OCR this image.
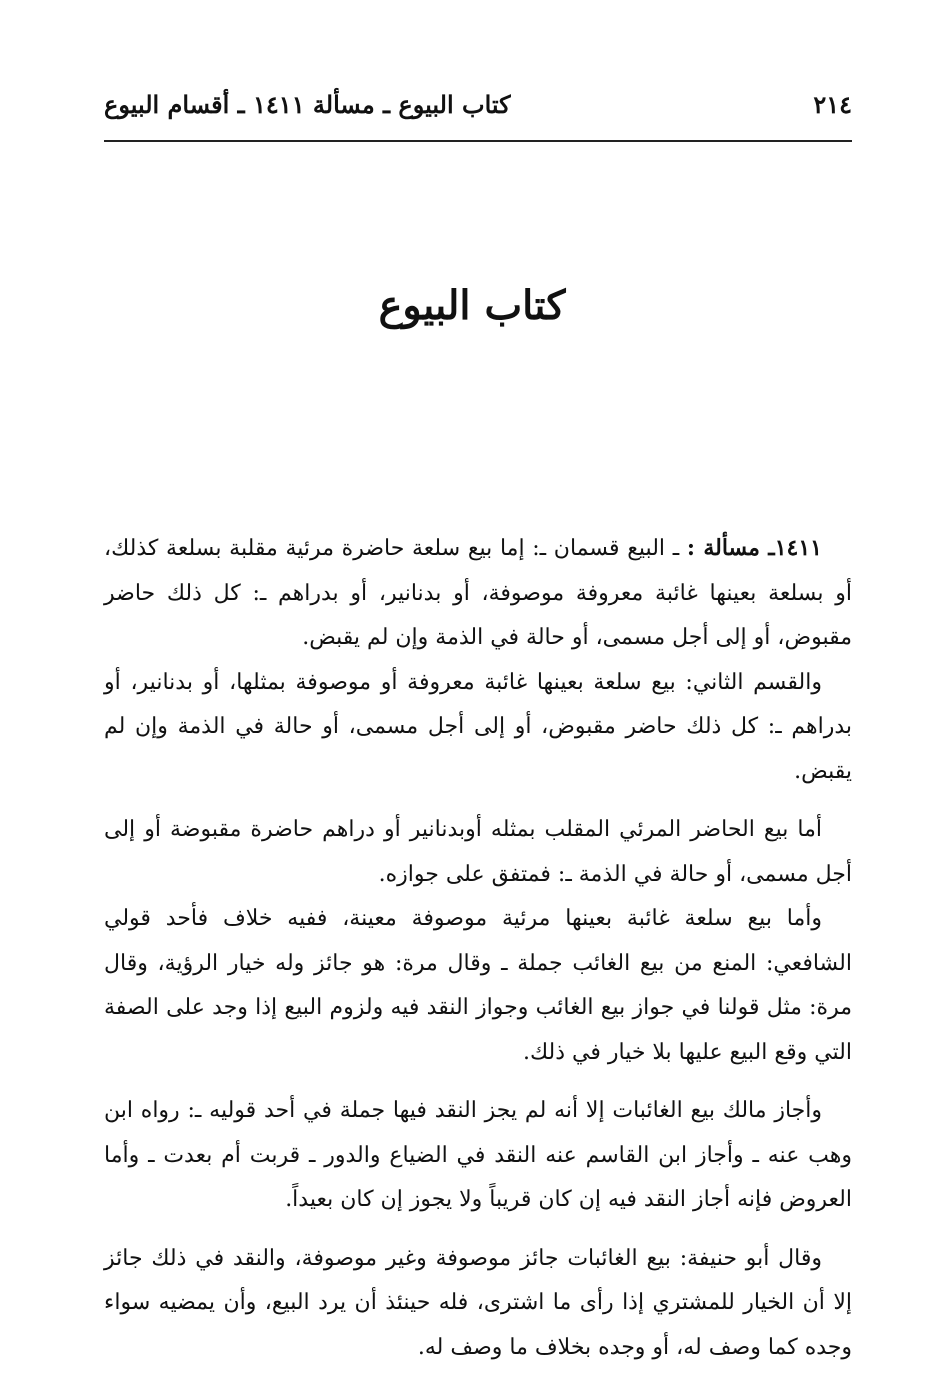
٢١٤
كتاب البيوع ـ مسألة ١٤١١ ـ أقسام البيوع
كتاب البيوع

١٤١١ـ مسألة : ـ البيع قسمان ـ: إما بيع سلعة حاضرة مرئية مقلبة بسلعة كذلك، أو بسلعة بعينها غائبة معروفة موصوفة، أو بدنانير، أو بدراهم ـ: كل ذلك حاضر مقبوض، أو إلى أجل مسمى، أو حالة في الذمة وإن لم يقبض.

والقسم الثاني: بيع سلعة بعينها غائبة معروفة أو موصوفة بمثلها، أو بدنانير، أو بدراهم ـ: كل ذلك حاضر مقبوض، أو إلى أجل مسمى، أو حالة في الذمة وإن لم يقبض.

أما بيع الحاضر المرئي المقلب بمثله أوبدنانير أو دراهم حاضرة مقبوضة أو إلى أجل مسمى، أو حالة في الذمة ـ: فمتفق على جوازه.

وأما بيع سلعة غائبة بعينها مرئية موصوفة معينة، ففيه خلاف فأحد قولي الشافعي: المنع من بيع الغائب جملة ـ وقال مرة: هو جائز وله خيار الرؤية، وقال مرة: مثل قولنا في جواز بيع الغائب وجواز النقد فيه ولزوم البيع إذا وجد على الصفة التي وقع البيع عليها بلا خيار في ذلك.

وأجاز مالك بيع الغائبات إلا أنه لم يجز النقد فيها جملة في أحد قوليه ـ: رواه ابن وهب عنه ـ وأجاز ابن القاسم عنه النقد في الضياع والدور ـ قربت أم بعدت ـ وأما العروض فإنه أجاز النقد فيه إن كان قريباً ولا يجوز إن كان بعيداً.

وقال أبو حنيفة: بيع الغائبات جائز موصوفة وغير موصوفة، والنقد في ذلك جائز إلا أن الخيار للمشتري إذا رأى ما اشترى، فله حينئذ أن يرد البيع، وأن يمضيه سواء وجده كما وصف له، أو وجده بخلاف ما وصف له.
